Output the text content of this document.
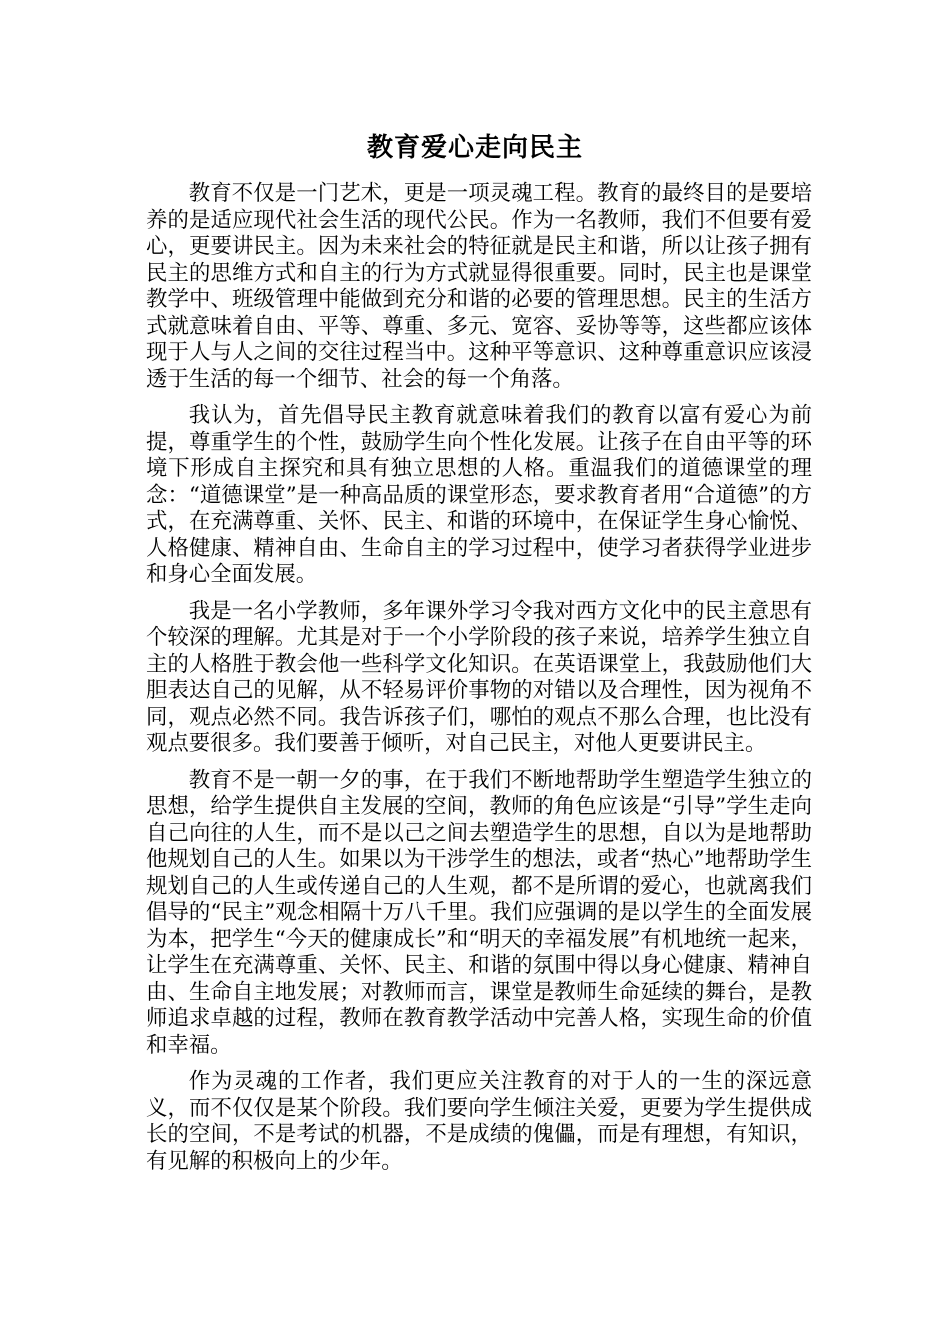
教育爱心走向民主

教育不仅是一门艺术，更是一项灵魂工程。教育的最终目的是要培养的是适应现代社会生活的现代公民。作为一名教师，我们不但要有爱心，更要讲民主。因为未来社会的特征就是民主和谐，所以让孩子拥有民主的思维方式和自主的行为方式就显得很重要。同时，民主也是课堂教学中、班级管理中能做到充分和谐的必要的管理思想。民主的生活方式就意味着自由、平等、尊重、多元、宽容、妥协等等，这些都应该体现于人与人之间的交往过程当中。这种平等意识、这种尊重意识应该浸透于生活的每一个细节、社会的每一个角落。

我认为，首先倡导民主教育就意味着我们的教育以富有爱心为前提，尊重学生的个性，鼓励学生向个性化发展。让孩子在自由平等的环境下形成自主探究和具有独立思想的人格。重温我们的道德课堂的理念：“道德课堂”是一种高品质的课堂形态，要求教育者用“合道德”的方式，在充满尊重、关怀、民主、和谐的环境中，在保证学生身心愉悦、人格健康、精神自由、生命自主的学习过程中，使学习者获得学业进步和身心全面发展。

我是一名小学教师，多年课外学习令我对西方文化中的民主意思有个较深的理解。尤其是对于一个小学阶段的孩子来说，培养学生独立自主的人格胜于教会他一些科学文化知识。在英语课堂上，我鼓励他们大胆表达自己的见解，从不轻易评价事物的对错以及合理性，因为视角不同，观点必然不同。我告诉孩子们，哪怕的观点不那么合理，也比没有观点要很多。我们要善于倾听，对自己民主，对他人更要讲民主。

教育不是一朝一夕的事，在于我们不断地帮助学生塑造学生独立的思想，给学生提供自主发展的空间，教师的角色应该是“引导”学生走向自己向往的人生，而不是以己之间去塑造学生的思想，自以为是地帮助他规划自己的人生。如果以为干涉学生的想法，或者“热心”地帮助学生规划自己的人生或传递自己的人生观，都不是所谓的爱心，也就离我们倡导的“民主”观念相隔十万八千里。我们应强调的是以学生的全面发展为本，把学生“今天的健康成长”和“明天的幸福发展”有机地统一起来，让学生在充满尊重、关怀、民主、和谐的氛围中得以身心健康、精神自由、生命自主地发展；对教师而言，课堂是教师生命延续的舞台，是教师追求卓越的过程，教师在教育教学活动中完善人格，实现生命的价值和幸福。

作为灵魂的工作者，我们更应关注教育的对于人的一生的深远意义，而不仅仅是某个阶段。我们要向学生倾注关爱，更要为学生提供成长的空间，不是考试的机器，不是成绩的傀儡，而是有理想，有知识，有见解的积极向上的少年。
